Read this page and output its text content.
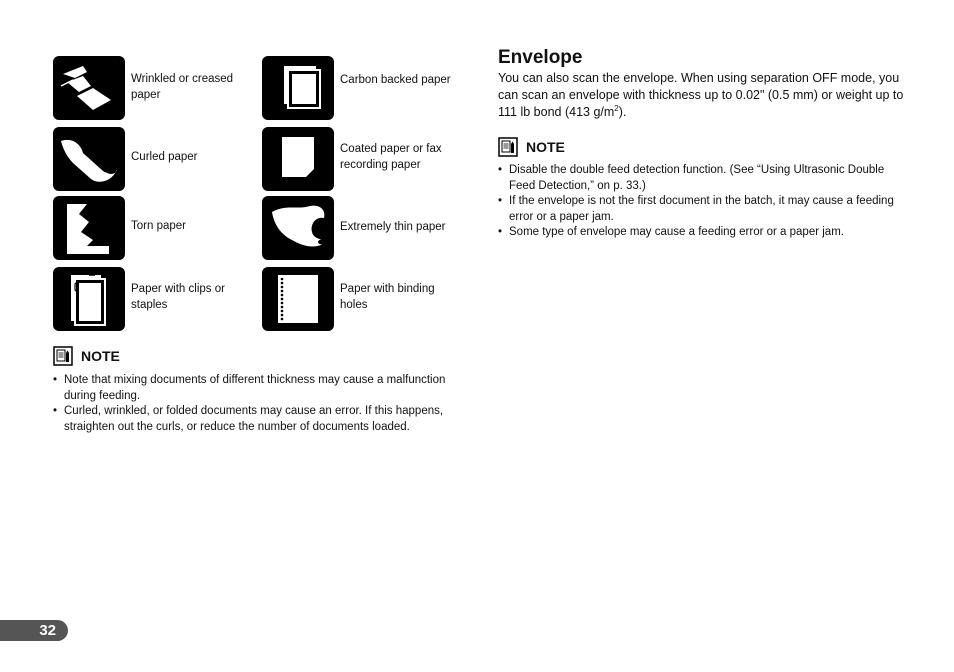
Wrinkled or creased paper
Carbon backed paper
Curled paper
Coated paper or fax recording paper
Torn paper	Extremely thin paper
Paper with clips or staples
Paper with binding holes
NOTE
• Note that mixing documents of different thickness may cause a malfunction during feeding.
• Curled, wrinkled, or folded documents may cause an error. If this happens, straighten out the curls, or reduce the number of documents loaded.
Envelope
You can also scan the envelope. When using separation OFF mode, you can scan an envelope with thickness up to 0.02" (0.5 mm) or weight up to 111 lb bond (413 $g/m^2$).
NOTE
• Disable the double feed detection function. (See “Using Ultrasonic Double Feed Detection,” on p. 33.)
• If the envelope is not the first document in the batch, it may cause a feeding error or a paper jam.
• Some type of envelope may cause a feeding error or a paper jam.
32
